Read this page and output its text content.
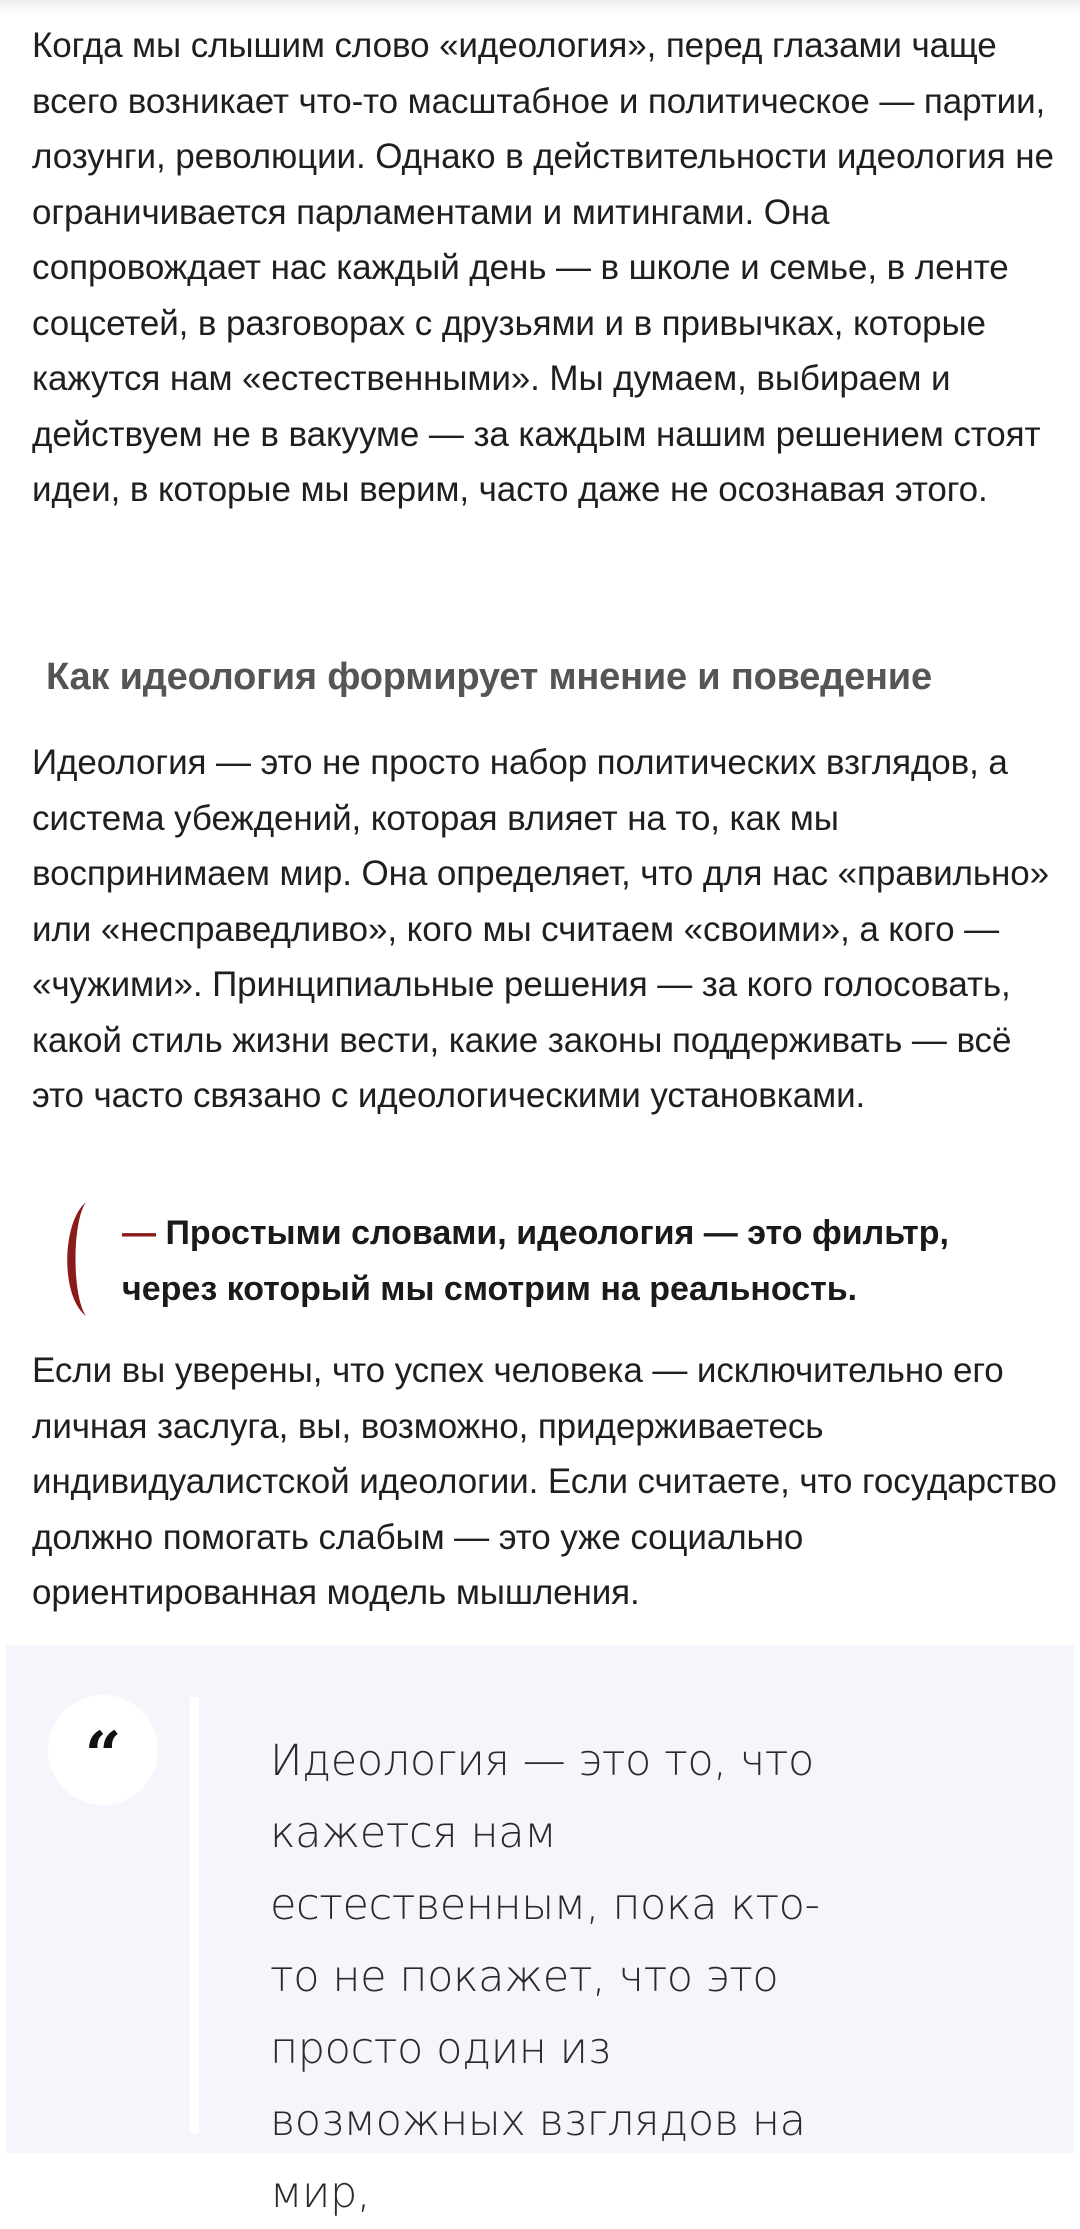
Когда мы слышим слово «идеология», перед глазами чаще всего возникает что-то масштабное и политическое — партии, лозунги, революции. Однако в действительности идеология не ограничивается парламентами и митингами. Она сопровождает нас каждый день — в школе и семье, в ленте соцсетей, в разговорах с друзьями и в привычках, которые кажутся нам «естественными». Мы думаем, выбираем и действуем не в вакууме — за каждым нашим решением стоят идеи, в которые мы верим, часто даже не осознавая этого.

Как идеология формирует мнение и поведение

Идеология — это не просто набор политических взглядов, а система убеждений, которая влияет на то, как мы воспринимаем мир. Она определяет, что для нас «правильно» или «несправедливо», кого мы считаем «своими», а кого — «чужими». Принципиальные решения — за кого голосовать, какой стиль жизни вести, какие законы поддерживать — всё это часто связано с идеологическими установками.

— Простыми словами, идеология — это фильтр, через который мы смотрим на реальность.

Если вы уверены, что успех человека — исключительно его личная заслуга, вы, возможно, придерживаетесь индивидуалистской идеологии. Если считаете, что государство должно помогать слабым — это уже социально ориентированная модель мышления.

“	Идеология — это то, что кажется нам естественным, пока кто-то не покажет, что это просто один из возможных взглядов на мир,
